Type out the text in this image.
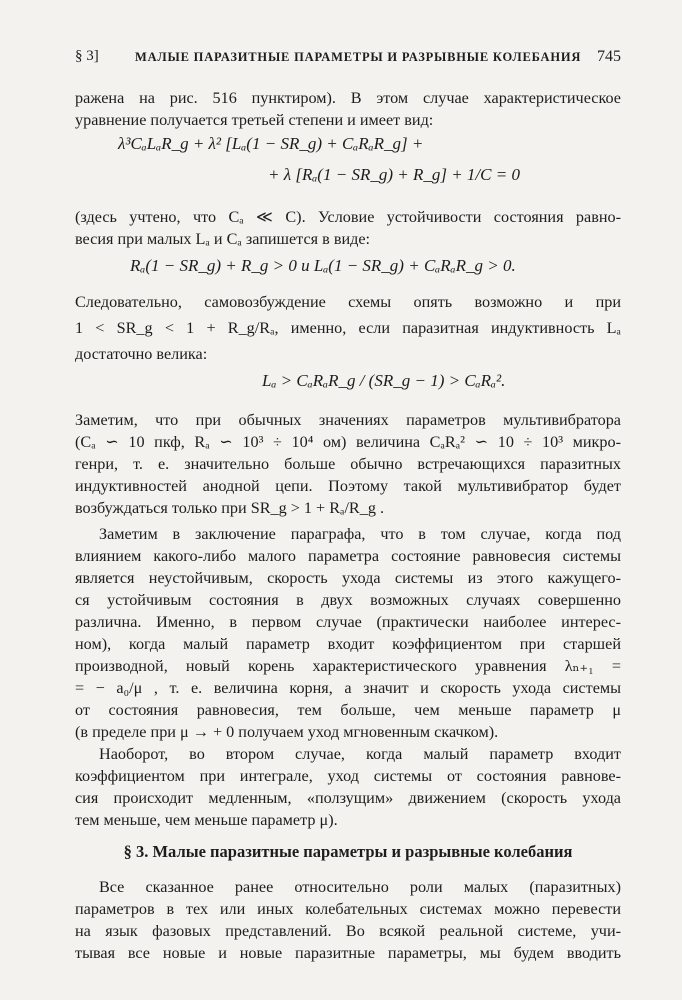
§ 3]	МАЛЫЕ ПАРАЗИТНЫЕ ПАРАМЕТРЫ И РАЗРЫВНЫЕ КОЛЕБАНИЯ 745
ражена на рис. 516 пунктиром). В этом случае характеристическое
уравнение получается третьей степени и имеет вид:
λ³CₐLₐR_g + λ² [Lₐ(1 − SR_g) + CₐRₐR_g] +
+ λ [Rₐ(1 − SR_g) + R_g] + 1/C = 0
(здесь учтено, что Cₐ ≪ C). Условие устойчивости состояния равно-
весия при малых Lₐ и Cₐ запишется в виде:
Rₐ(1 − SR_g) + R_g > 0 и Lₐ(1 − SR_g) + CₐRₐR_g > 0.
Следовательно, самовозбуждение схемы опять возможно и при
1 < SR_g < 1 + R_g/Rₐ, именно, если паразитная индуктивность Lₐ
достаточно велика:
Lₐ > CₐRₐR_g / (SR_g − 1) > CₐRₐ².
Заметим, что при обычных значениях параметров мультивибратора
(Cₐ ∽ 10 пкф, Rₐ ∽ 10³ ÷ 10⁴ ом) величина CₐRₐ² ∽ 10 ÷ 10³ микро-
генри, т. е. значительно больше обычно встречающихся паразитных
индуктивностей анодной цепи. Поэтому такой мультивибратор будет
возбуждаться только при SR_g > 1 + Rₐ/R_g .
Заметим в заключение параграфа, что в том случае, когда под
влиянием какого-либо малого параметра состояние равновесия системы
является неустойчивым, скорость ухода системы из этого кажущего-
ся устойчивым состояния в двух возможных случаях совершенно
различна. Именно, в первом случае (практически наиболее интерес-
ном), когда малый параметр входит коэффициентом при старшей
производной, новый корень характеристического уравнения λₙ₊₁ =
= − a₀/μ , т. е. величина корня, а значит и скорость ухода системы
от состояния равновесия, тем больше, чем меньше параметр μ
(в пределе при μ → + 0 получаем уход мгновенным скачком).
Наоборот, во втором случае, когда малый параметр входит
коэффициентом при интеграле, уход системы от состояния равнове-
сия происходит медленным, «ползущим» движением (скорость ухода
тем меньше, чем меньше параметр μ).
§ 3. Малые паразитные параметры и разрывные колебания
Все сказанное ранее относительно роли малых (паразитных)
параметров в тех или иных колебательных системах можно перевести
на язык фазовых представлений. Во всякой реальной системе, учи-
тывая все новые и новые паразитные параметры, мы будем вводить
